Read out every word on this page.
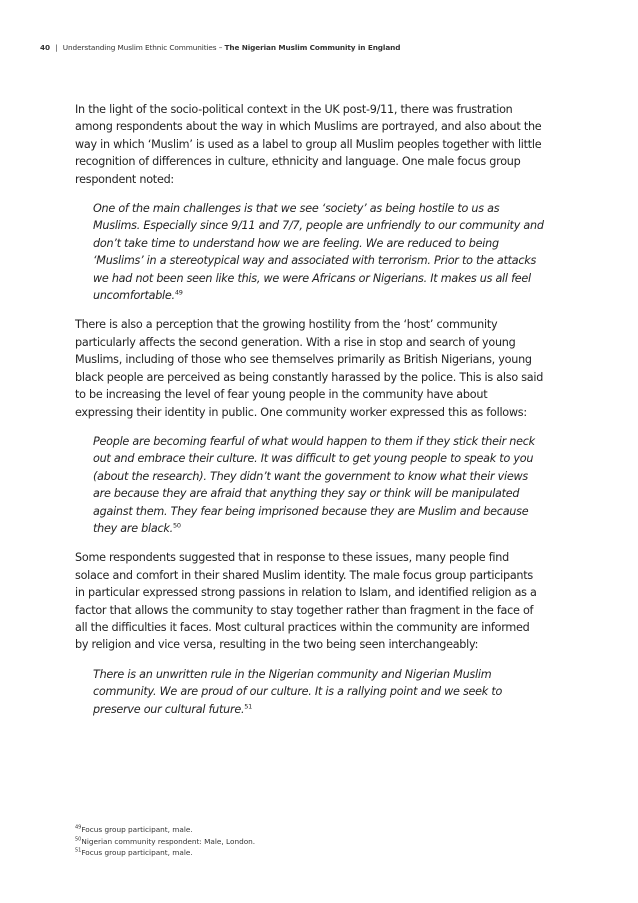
40 | Understanding Muslim Ethnic Communities – The Nigerian Muslim Community in England

In the light of the socio-political context in the UK post-9/11, there was frustration among respondents about the way in which Muslims are portrayed, and also about the way in which ‘Muslim’ is used as a label to group all Muslim peoples together with little recognition of differences in culture, ethnicity and language. One male focus group respondent noted:

One of the main challenges is that we see ‘society’ as being hostile to us as Muslims. Especially since 9/11 and 7/7, people are unfriendly to our community and don’t take time to understand how we are feeling. We are reduced to being ‘Muslims’ in a stereotypical way and associated with terrorism. Prior to the attacks we had not been seen like this, we were Africans or Nigerians. It makes us all feel uncomfortable.$^{49}$

There is also a perception that the growing hostility from the ‘host’ community particularly affects the second generation. With a rise in stop and search of young Muslims, including of those who see themselves primarily as British Nigerians, young black people are perceived as being constantly harassed by the police. This is also said to be increasing the level of fear young people in the community have about expressing their identity in public. One community worker expressed this as follows:

People are becoming fearful of what would happen to them if they stick their neck out and embrace their culture. It was difficult to get young people to speak to you (about the research). They didn’t want the government to know what their views are because they are afraid that anything they say or think will be manipulated against them. They fear being imprisoned because they are Muslim and because they are black.$^{50}$

Some respondents suggested that in response to these issues, many people find solace and comfort in their shared Muslim identity. The male focus group participants in particular expressed strong passions in relation to Islam, and identified religion as a factor that allows the community to stay together rather than fragment in the face of all the difficulties it faces. Most cultural practices within the community are informed by religion and vice versa, resulting in the two being seen interchangeably:

There is an unwritten rule in the Nigerian community and Nigerian Muslim community. We are proud of our culture. It is a rallying point and we seek to preserve our cultural future.$^{51}$

$^{49}$Focus group participant, male.
$^{50}$Nigerian community respondent: Male, London.
$^{51}$Focus group participant, male.
